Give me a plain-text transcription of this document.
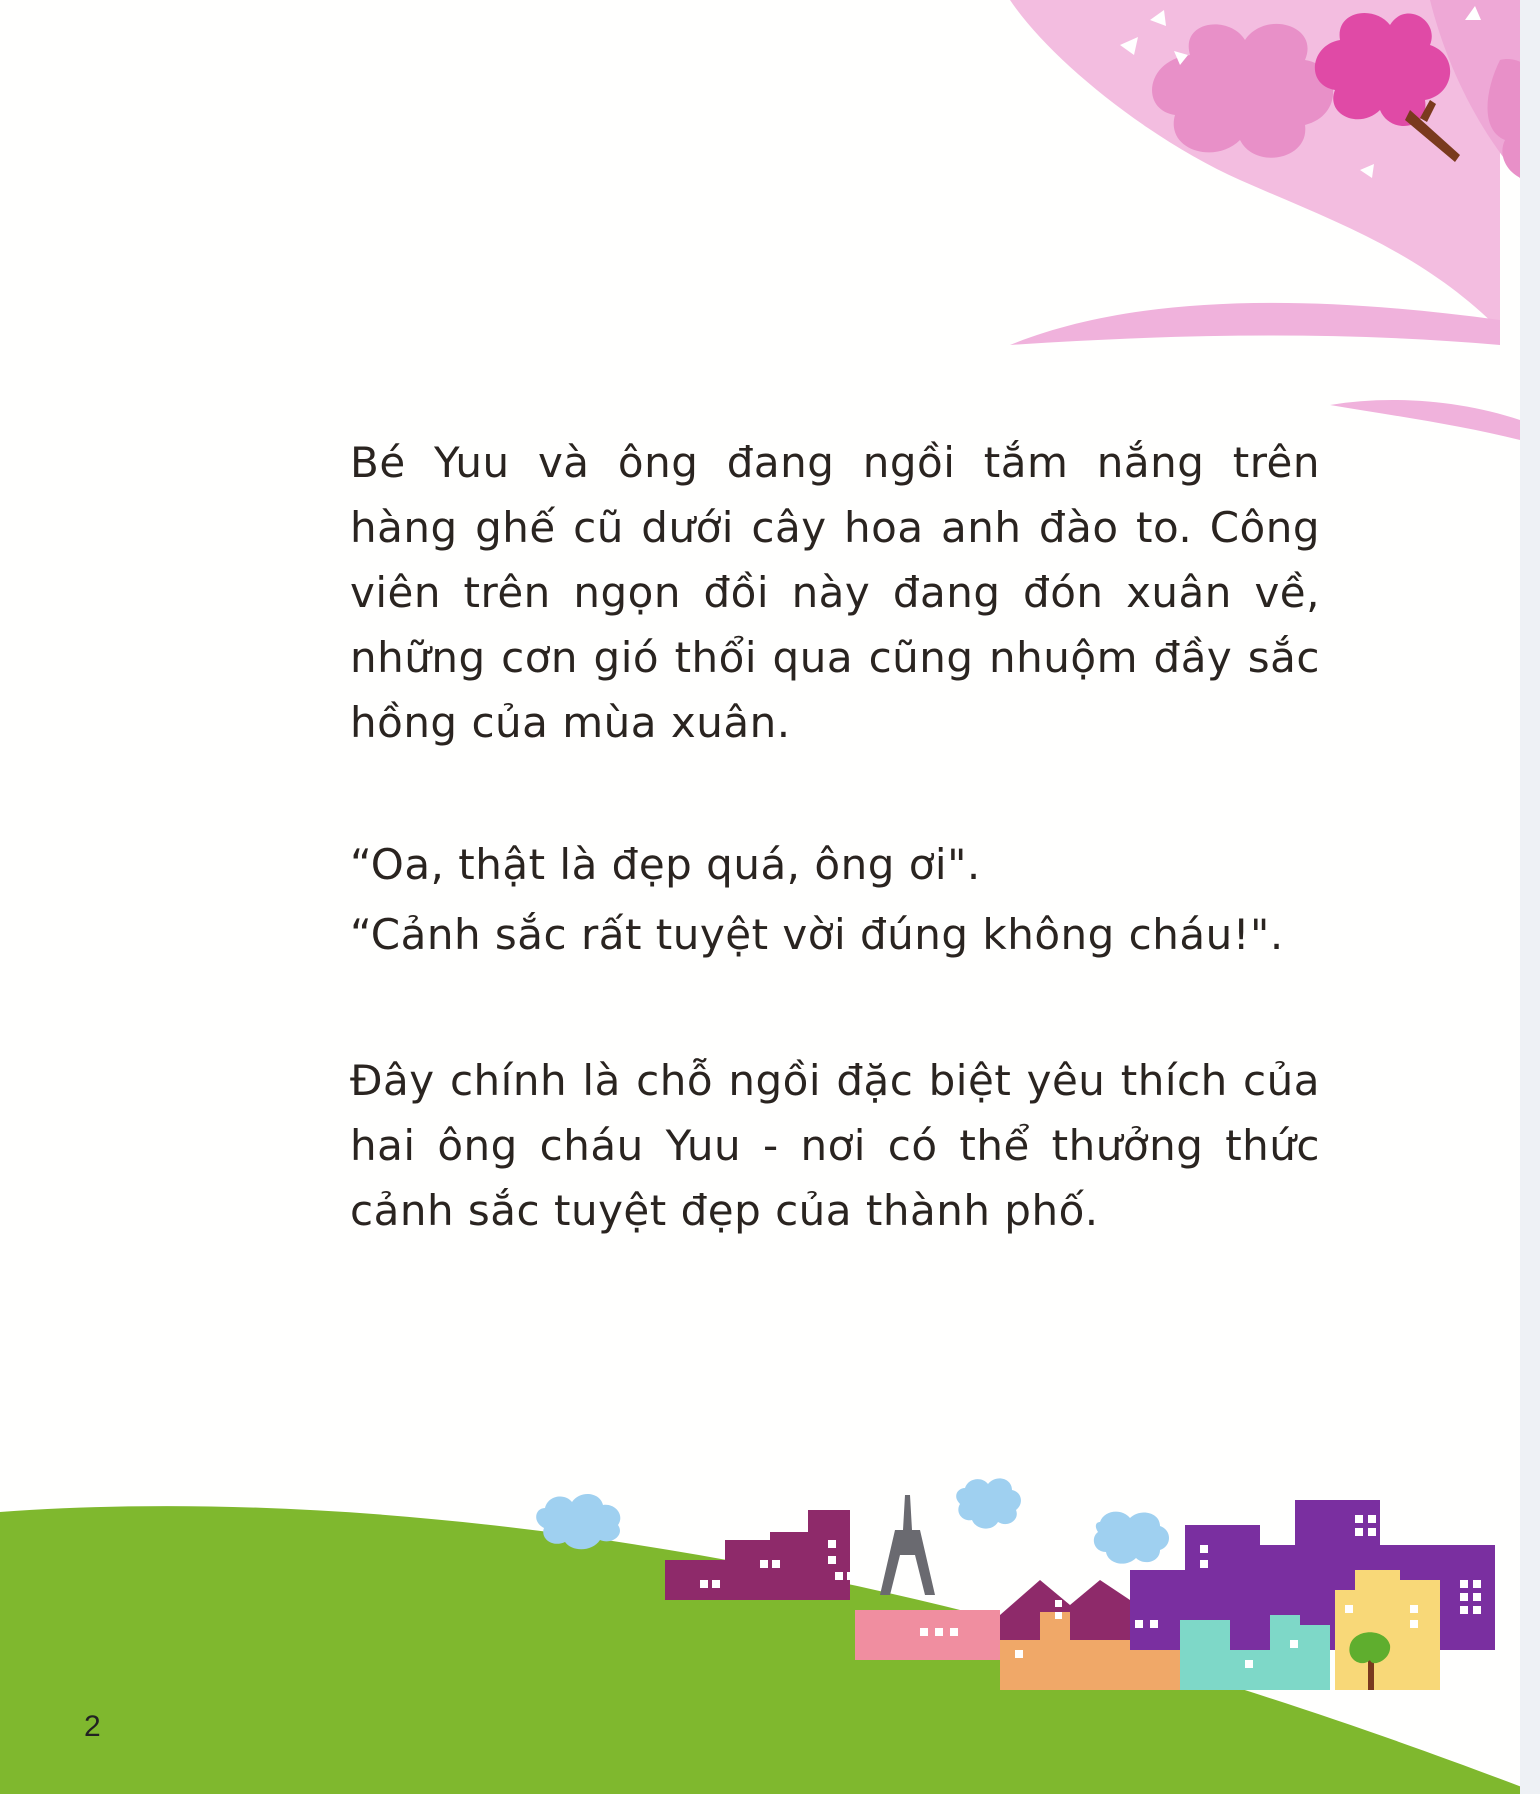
Bé Yuu và ông đang ngồi tắm nắng trên hàng ghế cũ dưới cây hoa anh đào to. Công viên trên ngọn đồi này đang đón xuân về, những cơn gió thổi qua cũng nhuộm đầy sắc hồng của mùa xuân.

“Oa, thật là đẹp quá, ông ơi".

“Cảnh sắc rất tuyệt vời đúng không cháu!".

Đây chính là chỗ ngồi đặc biệt yêu thích của hai ông cháu Yuu - nơi có thể thưởng thức cảnh sắc tuyệt đẹp của thành phố.

2
